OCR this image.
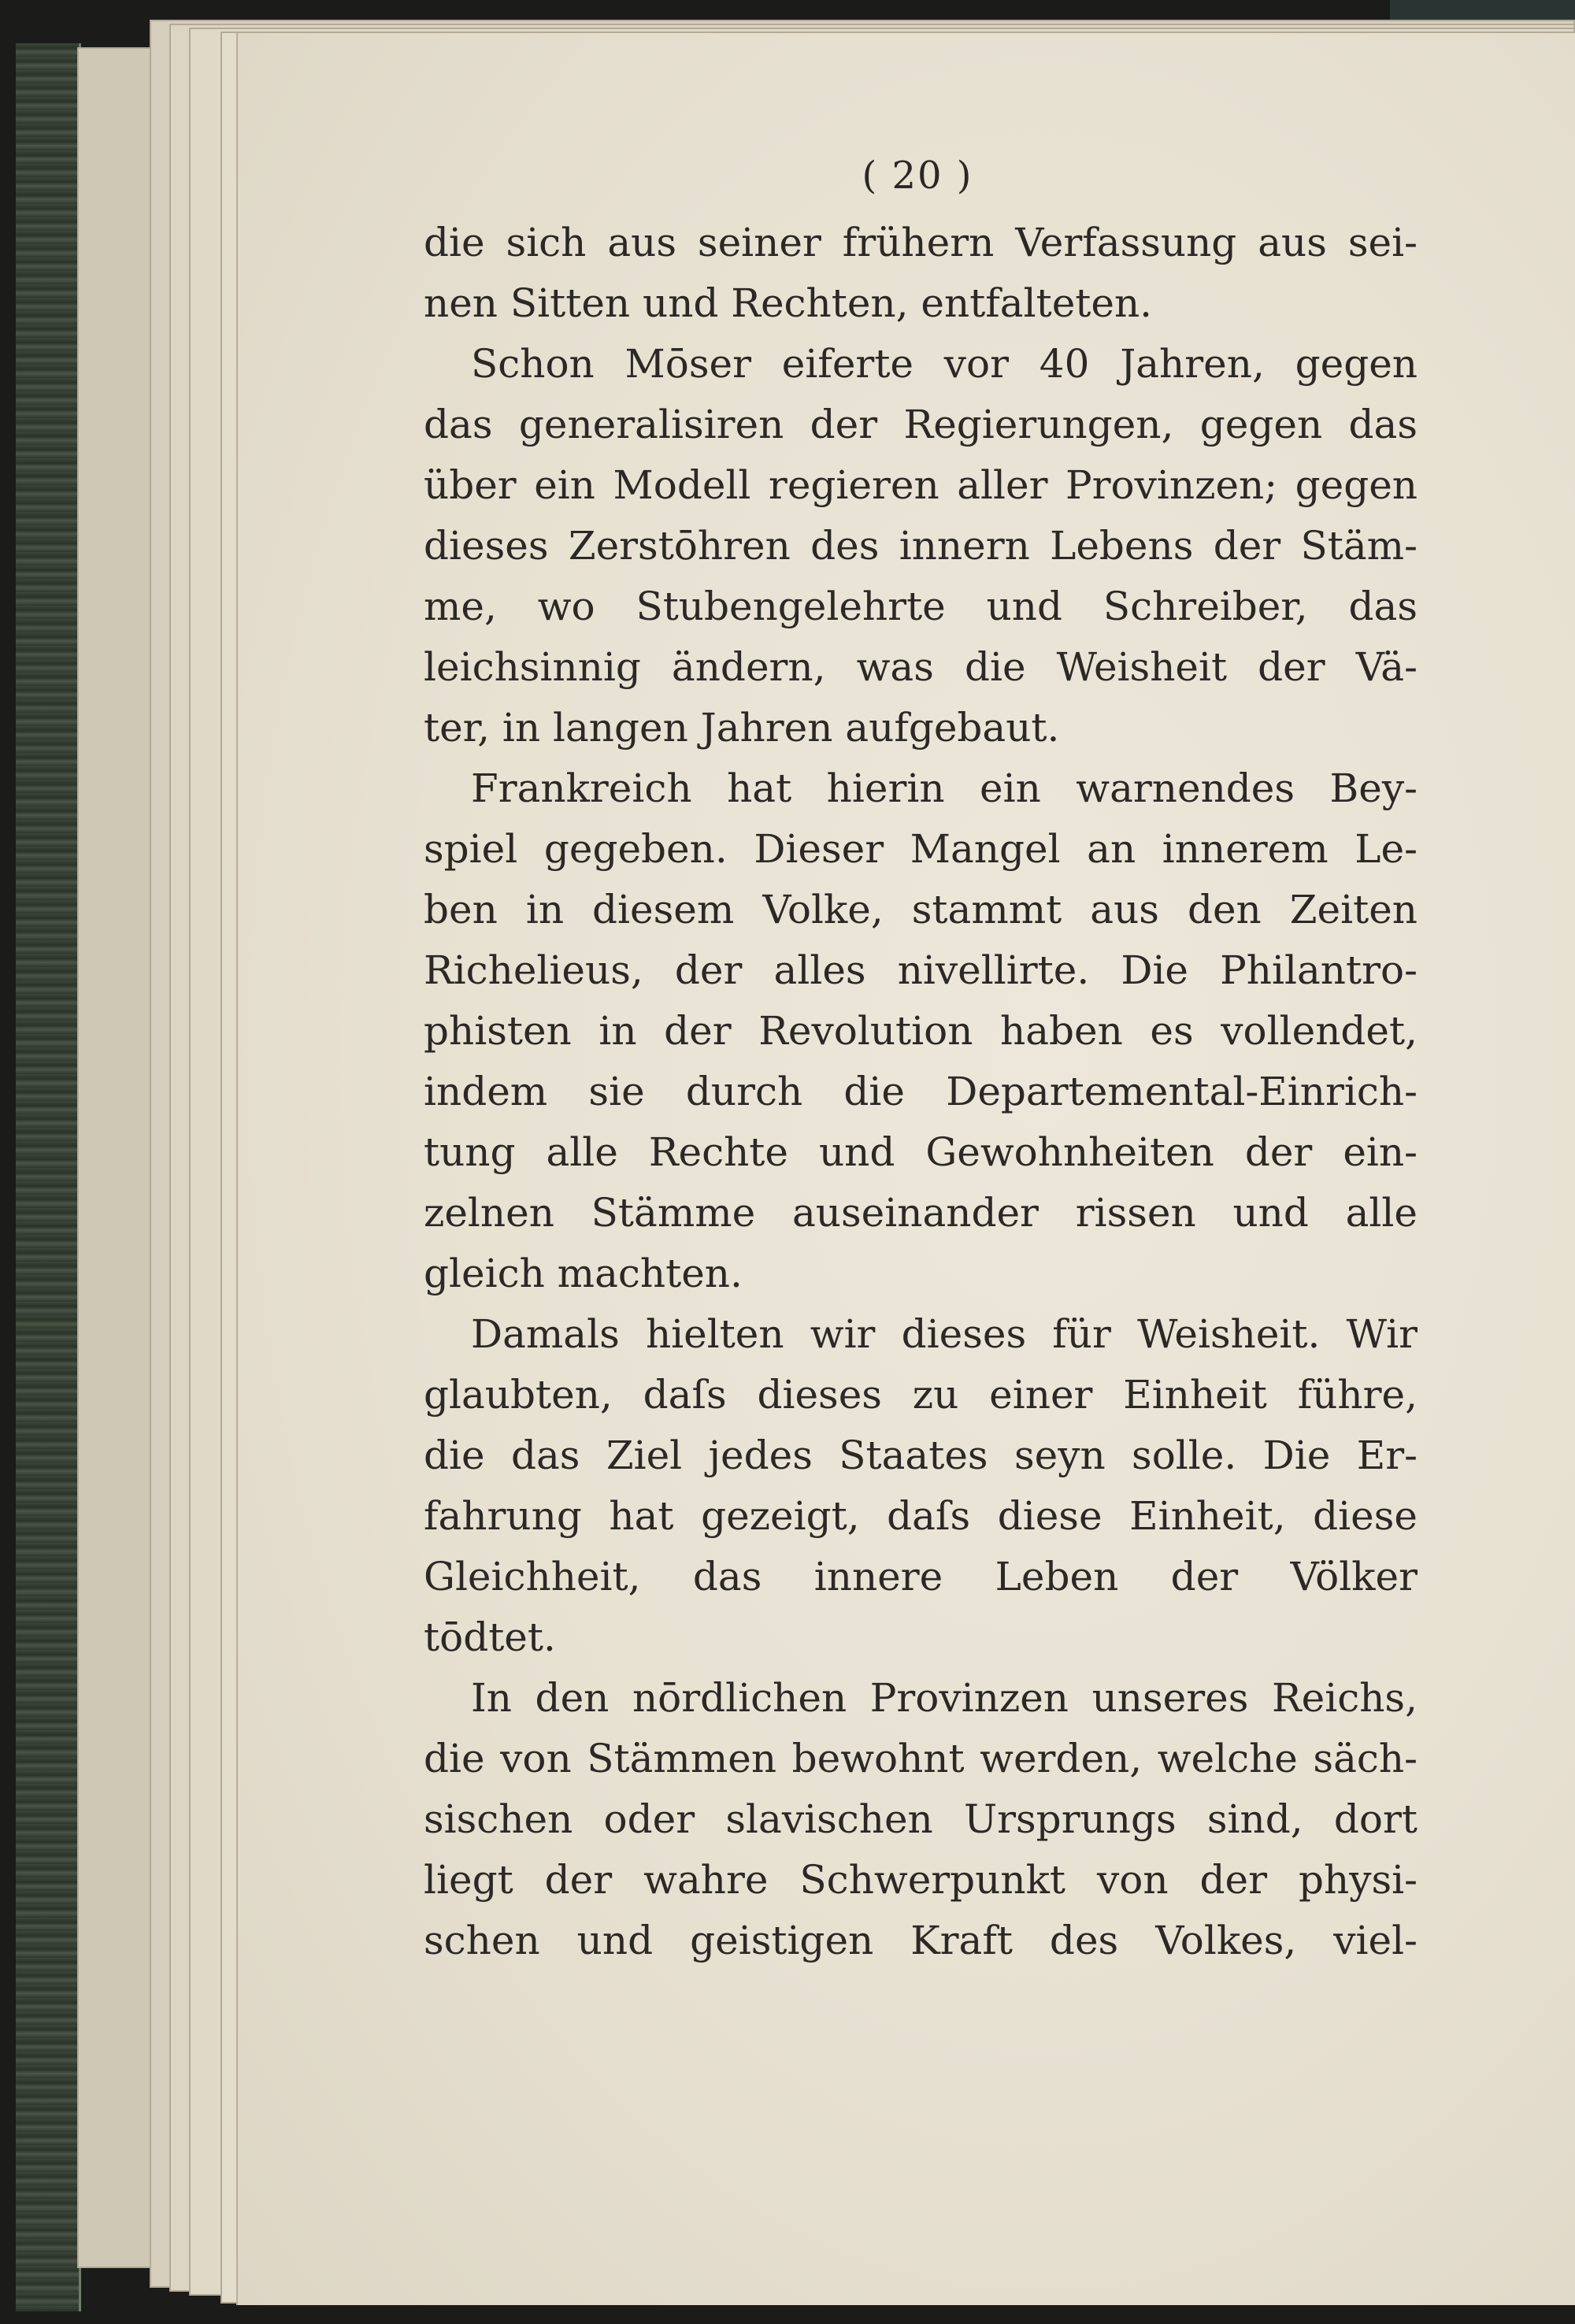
( 20 )
die sich aus seiner frühern Verfassung aus sei-
nen Sitten und Rechten, entfalteten.
Schon Mōser eiferte vor 40 Jahren, gegen
das generalisiren der Regierungen, gegen das
über ein Modell regieren aller Provinzen; gegen
dieses Zerstōhren des innern Lebens der Stäm-
me, wo Stubengelehrte und Schreiber, das
leichsinnig ändern, was die Weisheit der Vä-
ter, in langen Jahren aufgebaut.
Frankreich hat hierin ein warnendes Bey-
spiel gegeben. Dieser Mangel an innerem Le-
ben in diesem Volke, stammt aus den Zeiten
Richelieus, der alles nivellirte. Die Philantro-
phisten in der Revolution haben es vollendet,
indem sie durch die Departemental-Einrich-
tung alle Rechte und Gewohnheiten der ein-
zelnen Stämme auseinander rissen und alle
gleich machten.
Damals hielten wir dieses für Weisheit. Wir
glaubten, daſs dieses zu einer Einheit führe,
die das Ziel jedes Staates seyn solle. Die Er-
fahrung hat gezeigt, daſs diese Einheit, diese
Gleichheit, das innere Leben der Völker
tōdtet.
In den nōrdlichen Provinzen unseres Reichs,
die von Stämmen bewohnt werden, welche säch-
sischen oder slavischen Ursprungs sind, dort
liegt der wahre Schwerpunkt von der physi-
schen und geistigen Kraft des Volkes, viel-
